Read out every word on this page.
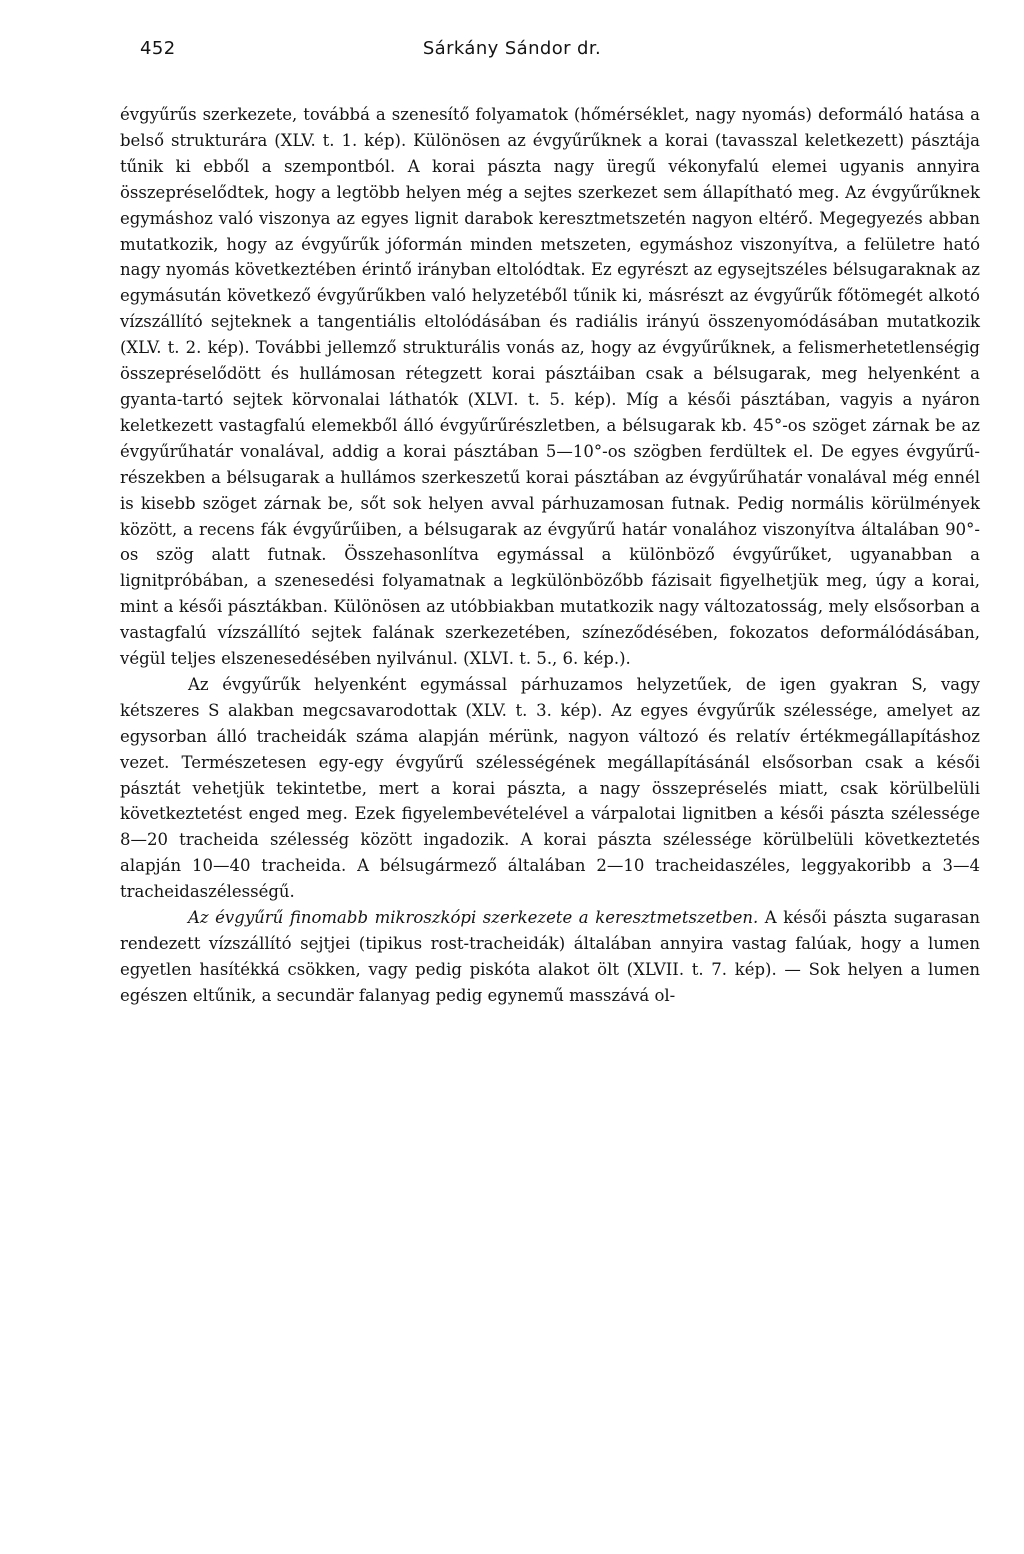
452	Sárkány Sándor dr.

évgyűrűs szerkezete, továbbá a szenesítő folyamatok (hőmérséklet, nagy nyomás) deformáló hatása a belső strukturára (XLV. t. 1. kép). Különösen az évgyűrűknek a korai (tavasszal keletkezett) pásztája tűnik ki ebből a szempontból. A korai pászta nagy üregű vékonyfalú elemei ugyanis annyira összepréselődtek, hogy a legtöbb helyen még a sejtes szerkezet sem állapítható meg. Az évgyűrűknek egymáshoz való viszonya az egyes lignit darabok keresztmetszetén nagyon eltérő. Megegyezés abban mutatkozik, hogy az évgyűrűk jóformán minden metszeten, egymáshoz viszonyítva, a felületre ható nagy nyomás következtében érintő irányban eltolódtak. Ez egyrészt az egysejtszéles bélsugaraknak az egymásután következő évgyűrűkben való helyzetéből tűnik ki, másrészt az évgyűrűk főtömegét alkotó vízszállító sejteknek a tangentiális eltolódásában és radiális irányú összenyomódásában mutatkozik (XLV. t. 2. kép). További jellemző strukturális vonás az, hogy az évgyűrűknek, a felismerhetetlenségig összepréselődött és hullámosan rétegzett korai pásztáiban csak a bélsugarak, meg helyenként a gyanta-tartó sejtek körvonalai láthatók (XLVI. t. 5. kép). Míg a késői pásztában, vagyis a nyáron keletkezett vastagfalú elemekből álló évgyűrűrészletben, a bélsugarak kb. 45°-os szöget zárnak be az évgyűrűhatár vonalával, addig a korai pásztában 5—10°-os szögben ferdültek el. De egyes évgyűrű-részekben a bélsugarak a hullámos szerkeszetű korai pásztában az évgyűrűhatár vonalával még ennél is kisebb szöget zárnak be, sőt sok helyen avval párhuzamosan futnak. Pedig normális körülmények között, a recens fák évgyűrűiben, a bélsugarak az évgyűrű határ vonalához viszonyítva általában 90°-os szög alatt futnak. Összehasonlítva egymással a különböző évgyűrűket, ugyanabban a lignitpróbában, a szenesedési folyamatnak a legkülönbözőbb fázisait figyelhetjük meg, úgy a korai, mint a késői pásztákban. Különösen az utóbbiakban mutatkozik nagy változatosság, mely elsősorban a vastagfalú vízszállító sejtek falának szerkezetében, színeződésében, fokozatos deformálódásában, végül teljes elszenesedésében nyilvánul. (XLVI. t. 5., 6. kép.).

Az évgyűrűk helyenként egymással párhuzamos helyzetűek, de igen gyakran S, vagy kétszeres S alakban megcsavarodottak (XLV. t. 3. kép). Az egyes évgyűrűk szélessége, amelyet az egysorban álló tracheidák száma alapján mérünk, nagyon változó és relatív értékmegállapításhoz vezet. Természetesen egy-egy évgyűrű szélességének megállapításánál elsősorban csak a késői pásztát vehetjük tekintetbe, mert a korai pászta, a nagy összepréselés miatt, csak körülbelüli következtetést enged meg. Ezek figyelembevételével a várpalotai lignitben a késői pászta szélessége 8—20 tracheida szélesség között ingadozik. A korai pászta szélessége körülbelüli következtetés alapján 10—40 tracheida. A bélsugármező általában 2—10 tracheidaszéles, leggyakoribb a 3—4 tracheidaszélességű.

Az évgyűrű finomabb mikroszkópi szerkezete a keresztmetszetben. A késői pászta sugarasan rendezett vízszállító sejtjei (tipikus rost-tracheidák) általában annyira vastag falúak, hogy a lumen egyetlen hasítékká csökken, vagy pedig piskóta alakot ölt (XLVII. t. 7. kép). — Sok helyen a lumen egészen eltűnik, a secundär falanyag pedig egynemű masszává ol-
